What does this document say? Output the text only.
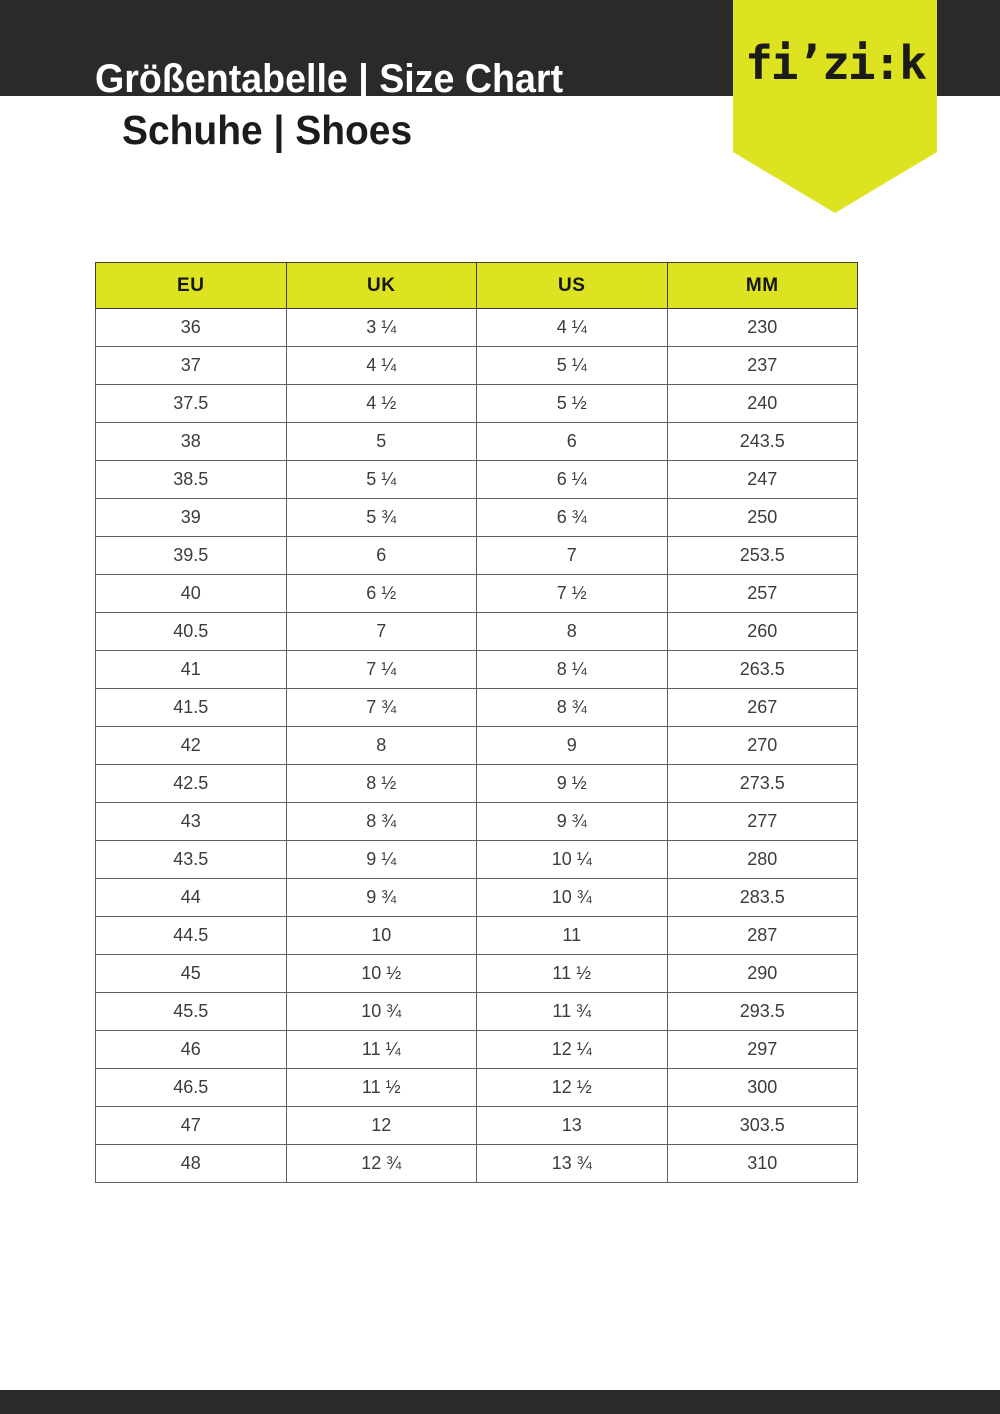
Größentabelle | Size Chart
Schuhe | Shoes
fi’zi:k
EU	UK	US	MM
36	3 ¼	4 ¼	230
37	4 ¼	5 ¼	237
37.5	4 ½	5 ½	240
38	5	6	243.5
38.5	5 ¼	6 ¼	247
39	5 ¾	6 ¾	250
39.5	6	7	253.5
40	6 ½	7 ½	257
40.5	7	8	260
41	7 ¼	8 ¼	263.5
41.5	7 ¾	8 ¾	267
42	8	9	270
42.5	8 ½	9 ½	273.5
43	8 ¾	9 ¾	277
43.5	9 ¼	10 ¼	280
44	9 ¾	10 ¾	283.5
44.5	10	11	287
45	10 ½	11 ½	290
45.5	10 ¾	11 ¾	293.5
46	11 ¼	12 ¼	297
46.5	11 ½	12 ½	300
47	12	13	303.5
48	12 ¾	13 ¾	310
